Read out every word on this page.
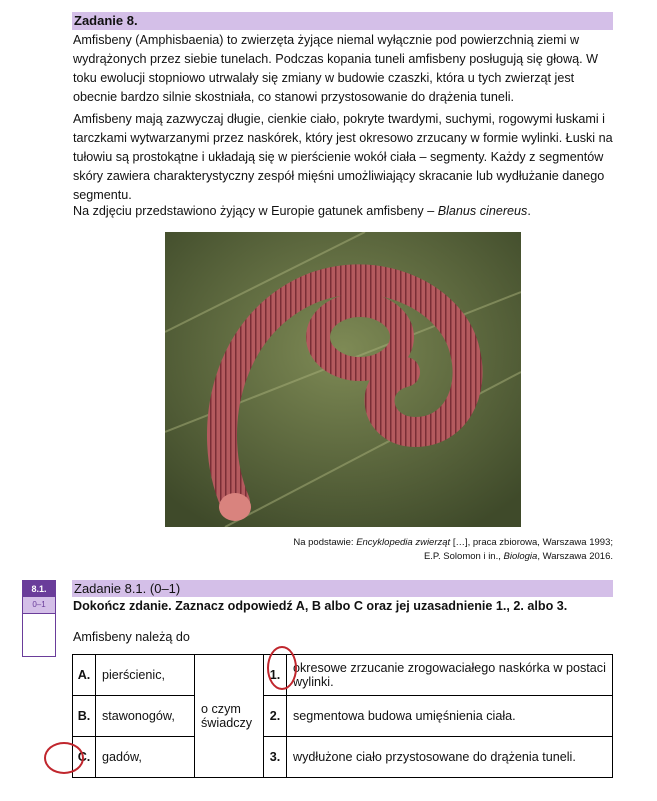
Zadanie 8.

Amfisbeny (Amphisbaenia) to zwierzęta żyjące niemal wyłącznie pod powierzchnią ziemi w wydrążonych przez siebie tunelach. Podczas kopania tuneli amfisbeny posługują się głową. W toku ewolucji stopniowo utrwalały się zmiany w budowie czaszki, która u tych zwierząt jest obecnie bardzo silnie skostniała, co stanowi przystosowanie do drążenia tuneli.

Amfisbeny mają zazwyczaj długie, cienkie ciało, pokryte twardymi, suchymi, rogowymi łuskami i tarczkami wytwarzanymi przez naskórek, który jest okresowo zrzucany w formie wylinki. Łuski na tułowiu są prostokątne i układają się w pierścienie wokół ciała – segmenty. Każdy z segmentów skóry zawiera charakterystyczny zespół mięśni umożliwiający skracanie lub wydłużanie danego segmentu.

Na zdjęciu przedstawiono żyjący w Europie gatunek amfisbeny – Blanus cinereus.

Na podstawie: Encyklopedia zwierząt […], praca zbiorowa, Warszawa 1993;
E.P. Solomon i in., Biologia, Warszawa 2016.
8.1.
0–1
Zadanie 8.1. (0–1)
Dokończ zdanie. Zaznacz odpowiedź A, B albo C oraz jej uzasadnienie 1., 2. albo 3.
Amfisbeny należą do
A.	pierścienic,	o czym świadczy	1.	okresowe zrzucanie zrogowaciałego naskórka w postaci wylinki.
B.	stawonogów,		2.	segmentowa budowa umięśnienia ciała.
C.	gadów,		3.	wydłużone ciało przystosowane do drążenia tuneli.
